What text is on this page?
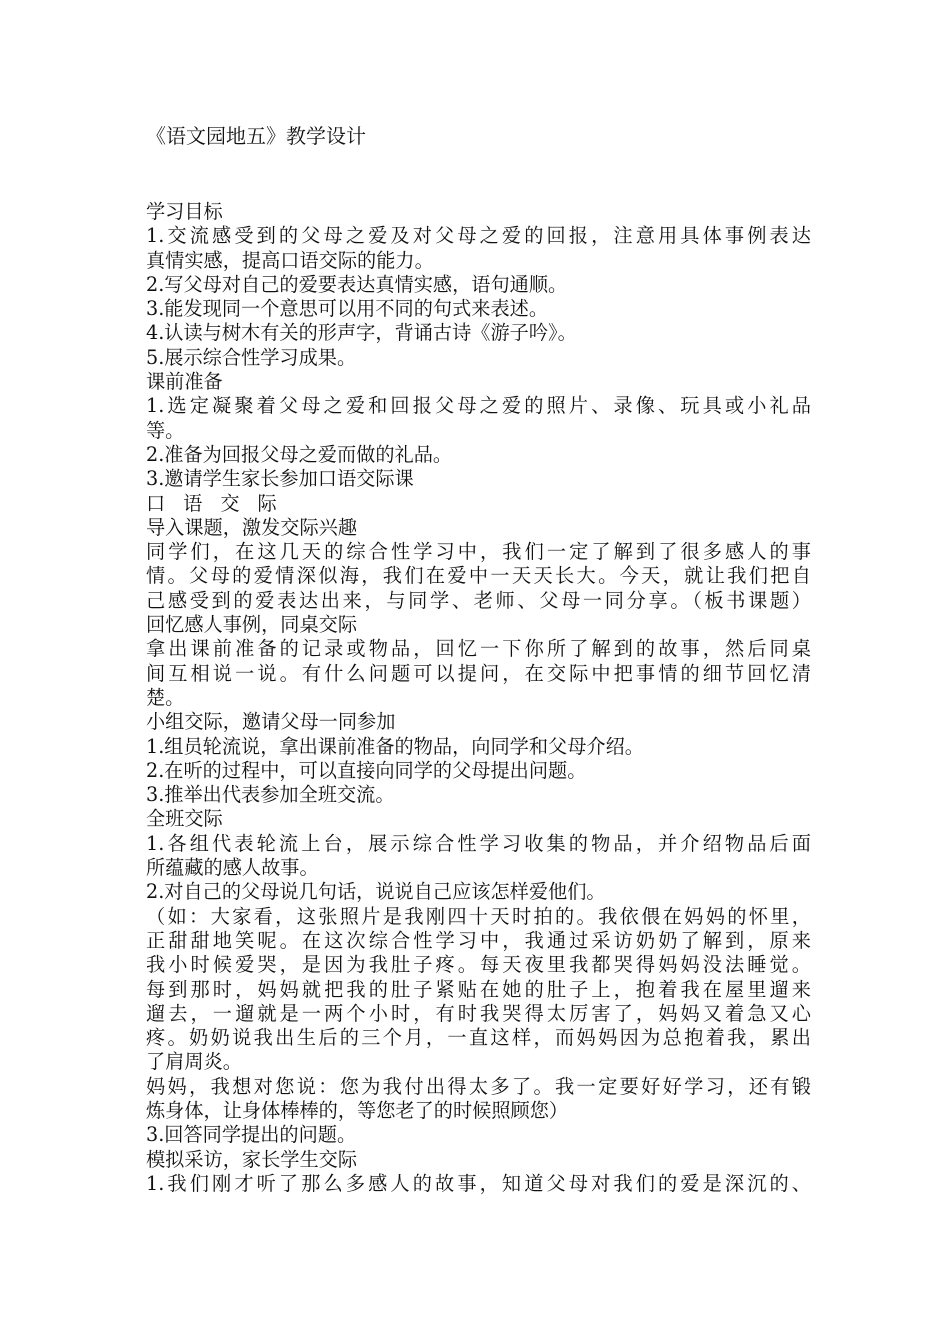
《语文园地五》教学设计
学习目标
1.交流感受到的父母之爱及对父母之爱的回报，注意用具体事例表达
真情实感，提高口语交际的能力。
2.写父母对自己的爱要表达真情实感，语句通顺。
3.能发现同一个意思可以用不同的句式来表述。
4.认读与树木有关的形声字，背诵古诗《游子吟》。
5.展示综合性学习成果。
课前准备
1.选定凝聚着父母之爱和回报父母之爱的照片、录像、玩具或小礼品
等。
2.准备为回报父母之爱而做的礼品。
3.邀请学生家长参加口语交际课
口语交际
导入课题，激发交际兴趣
同学们，在这几天的综合性学习中，我们一定了解到了很多感人的事
情。父母的爱情深似海，我们在爱中一天天长大。今天，就让我们把自
己感受到的爱表达出来，与同学、老师、父母一同分享。（板书课题）
回忆感人事例，同桌交际
拿出课前准备的记录或物品，回忆一下你所了解到的故事，然后同桌
间互相说一说。有什么问题可以提问，在交际中把事情的细节回忆清
楚。
小组交际，邀请父母一同参加
1.组员轮流说，拿出课前准备的物品，向同学和父母介绍。
2.在听的过程中，可以直接向同学的父母提出问题。
3.推举出代表参加全班交流。
全班交际
1.各组代表轮流上台，展示综合性学习收集的物品，并介绍物品后面
所蕴藏的感人故事。
2.对自己的父母说几句话，说说自己应该怎样爱他们。
（如：大家看，这张照片是我刚四十天时拍的。我依偎在妈妈的怀里，
正甜甜地笑呢。在这次综合性学习中，我通过采访奶奶了解到，原来
我小时候爱哭，是因为我肚子疼。每天夜里我都哭得妈妈没法睡觉。
每到那时，妈妈就把我的肚子紧贴在她的肚子上，抱着我在屋里遛来
遛去，一遛就是一两个小时，有时我哭得太厉害了，妈妈又着急又心
疼。奶奶说我出生后的三个月，一直这样，而妈妈因为总抱着我，累出
了肩周炎。
妈妈，我想对您说：您为我付出得太多了。我一定要好好学习，还有锻
炼身体，让身体棒棒的，等您老了的时候照顾您）
3.回答同学提出的问题。
模拟采访，家长学生交际
1.我们刚才听了那么多感人的故事，知道父母对我们的爱是深沉的、
